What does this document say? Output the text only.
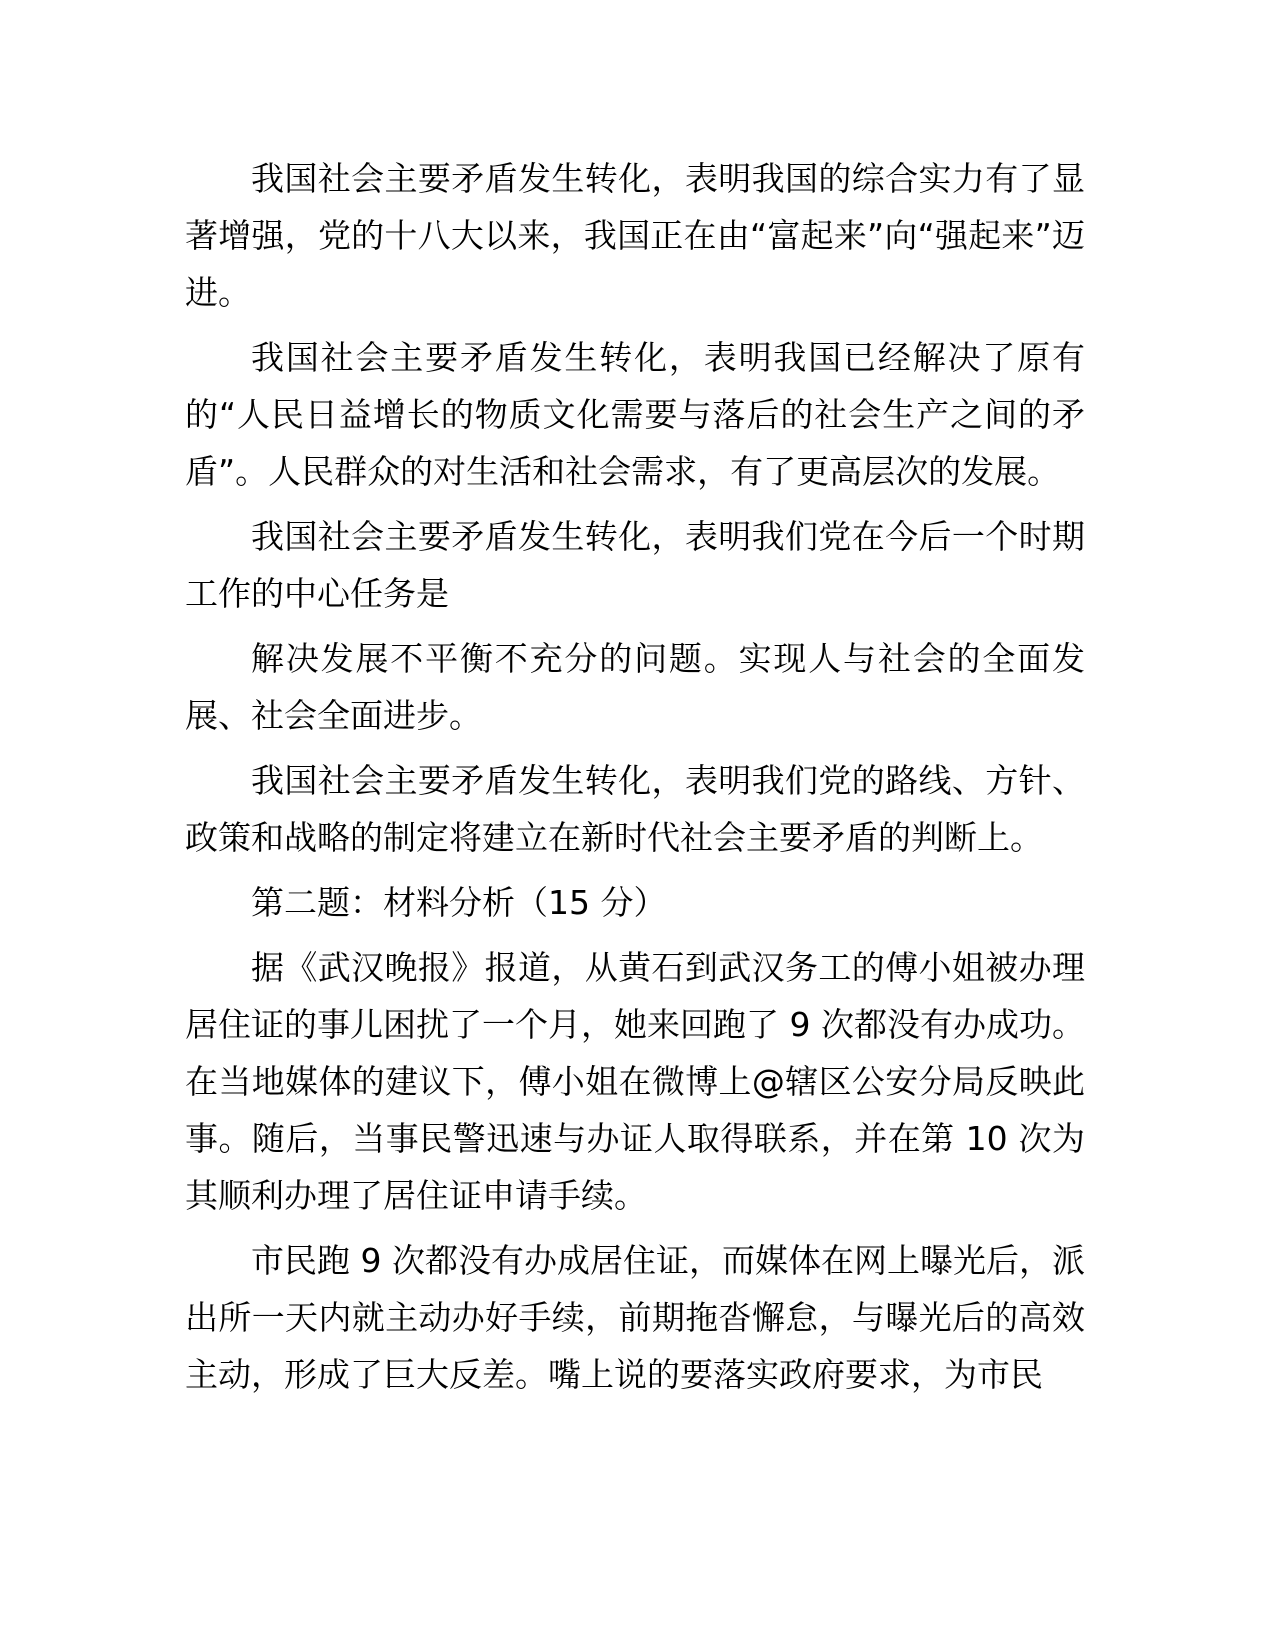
我国社会主要矛盾发生转化，表明我国的综合实力有了显著增强，党的十八大以来，我国正在由“富起来”向“强起来”迈进。

我国社会主要矛盾发生转化，表明我国已经解决了原有的“人民日益增长的物质文化需要与落后的社会生产之间的矛盾”。人民群众的对生活和社会需求，有了更高层次的发展。

我国社会主要矛盾发生转化，表明我们党在今后一个时期工作的中心任务是

解决发展不平衡不充分的问题。实现人与社会的全面发展、社会全面进步。

我国社会主要矛盾发生转化，表明我们党的路线、方针、政策和战略的制定将建立在新时代社会主要矛盾的判断上。

第二题：材料分析（15 分）

据《武汉晚报》报道，从黄石到武汉务工的傅小姐被办理居住证的事儿困扰了一个月，她来回跑了 9 次都没有办成功。在当地媒体的建议下，傅小姐在微博上@辖区公安分局反映此事。随后，当事民警迅速与办证人取得联系，并在第 10 次为其顺利办理了居住证申请手续。

市民跑 9 次都没有办成居住证，而媒体在网上曝光后，派出所一天内就主动办好手续，前期拖沓懈怠，与曝光后的高效主动，形成了巨大反差。嘴上说的要落实政府要求，为市民
